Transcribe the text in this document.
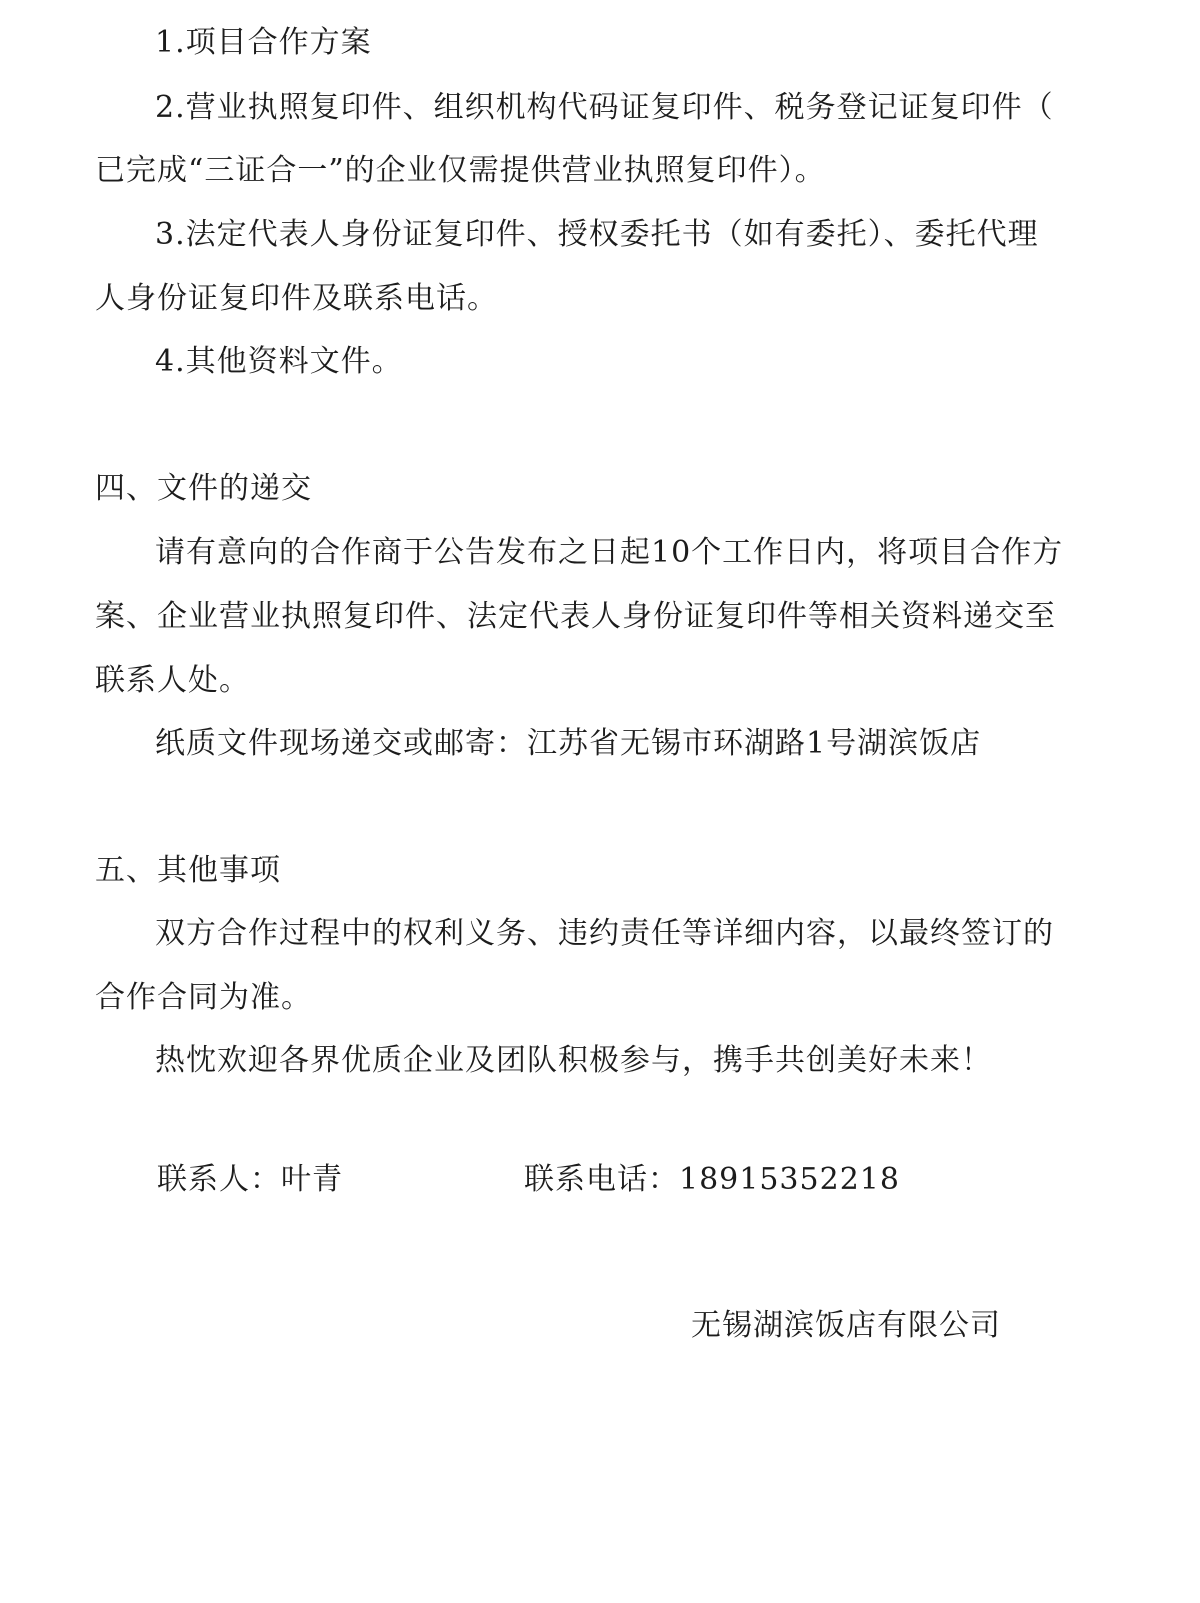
1.项目合作方案
2.营业执照复印件、组织机构代码证复印件、税务登记证复印件（
已完成“三证合一”的企业仅需提供营业执照复印件）。
3.法定代表人身份证复印件、授权委托书（如有委托）、委托代理
人身份证复印件及联系电话。
4.其他资料文件。
四、文件的递交
请有意向的合作商于公告发布之日起10个工作日内，将项目合作方
案、企业营业执照复印件、法定代表人身份证复印件等相关资料递交至
联系人处。
纸质文件现场递交或邮寄：江苏省无锡市环湖路1号湖滨饭店
五、其他事项
双方合作过程中的权利义务、违约责任等详细内容，以最终签订的
合作合同为准。
热忱欢迎各界优质企业及团队积极参与，携手共创美好未来！
联系人：叶青	联系电话：18915352218
无锡湖滨饭店有限公司
